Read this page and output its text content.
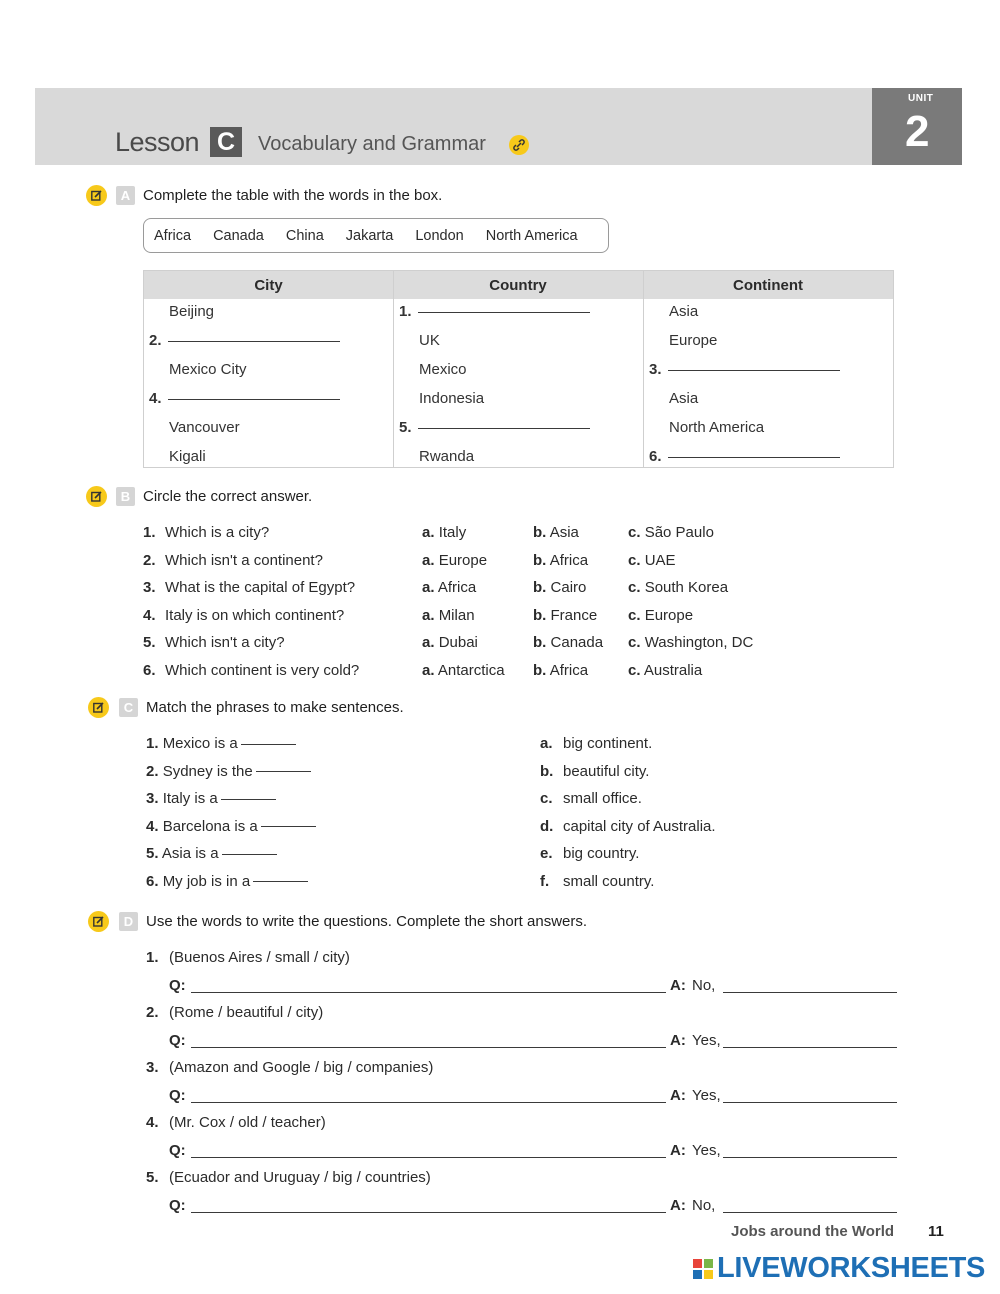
Lesson C	Vocabulary and Grammar
UNIT
2
A Complete the table with the words in the box.
Africa Canada China Jakarta London North America
City	Country	Continent
Beijing	1.	Asia
2.	UK	Europe
Mexico City	Mexico	3.
4.	Indonesia	Asia
Vancouver	5.	North America
Kigali	Rwanda	6.
B Circle the correct answer.
1. Which is a city?	a. Italy	b. Asia	c. São Paulo
2. Which isn't a continent?	a. Europe	b. Africa	c. UAE
3. What is the capital of Egypt?	a. Africa	b. Cairo	c. South Korea
4. Italy is on which continent?	a. Milan	b. France c. Europe
5. Which isn't a city?	a. Dubai	b. Canada c. Washington, DC
6. Which continent is very cold?	a. Antarctica b. Africa	c. Australia
C Match the phrases to make sentences.
1. Mexico is a
2. Sydney is the
3. Italy is a
4. Barcelona is a
5. Asia is a
6. My job is in a
a. big continent.
b. beautiful city.
c. small office.
d. capital city of Australia.
e. big country.
f. small country.
D Use the words to write the questions. Complete the short answers.
1. (Buenos Aires / small / city)
Q:	A: No,
2. (Rome / beautiful / city)
Q:	A: Yes,
3. (Amazon and Google / big / companies)
Q:	A: Yes,
4. (Mr. Cox / old / teacher)
Q:	A: Yes,
5. (Ecuador and Uruguay / big / countries)
Q:	A: No,
Jobs around the World 11
LIVEWORKSHEETS
